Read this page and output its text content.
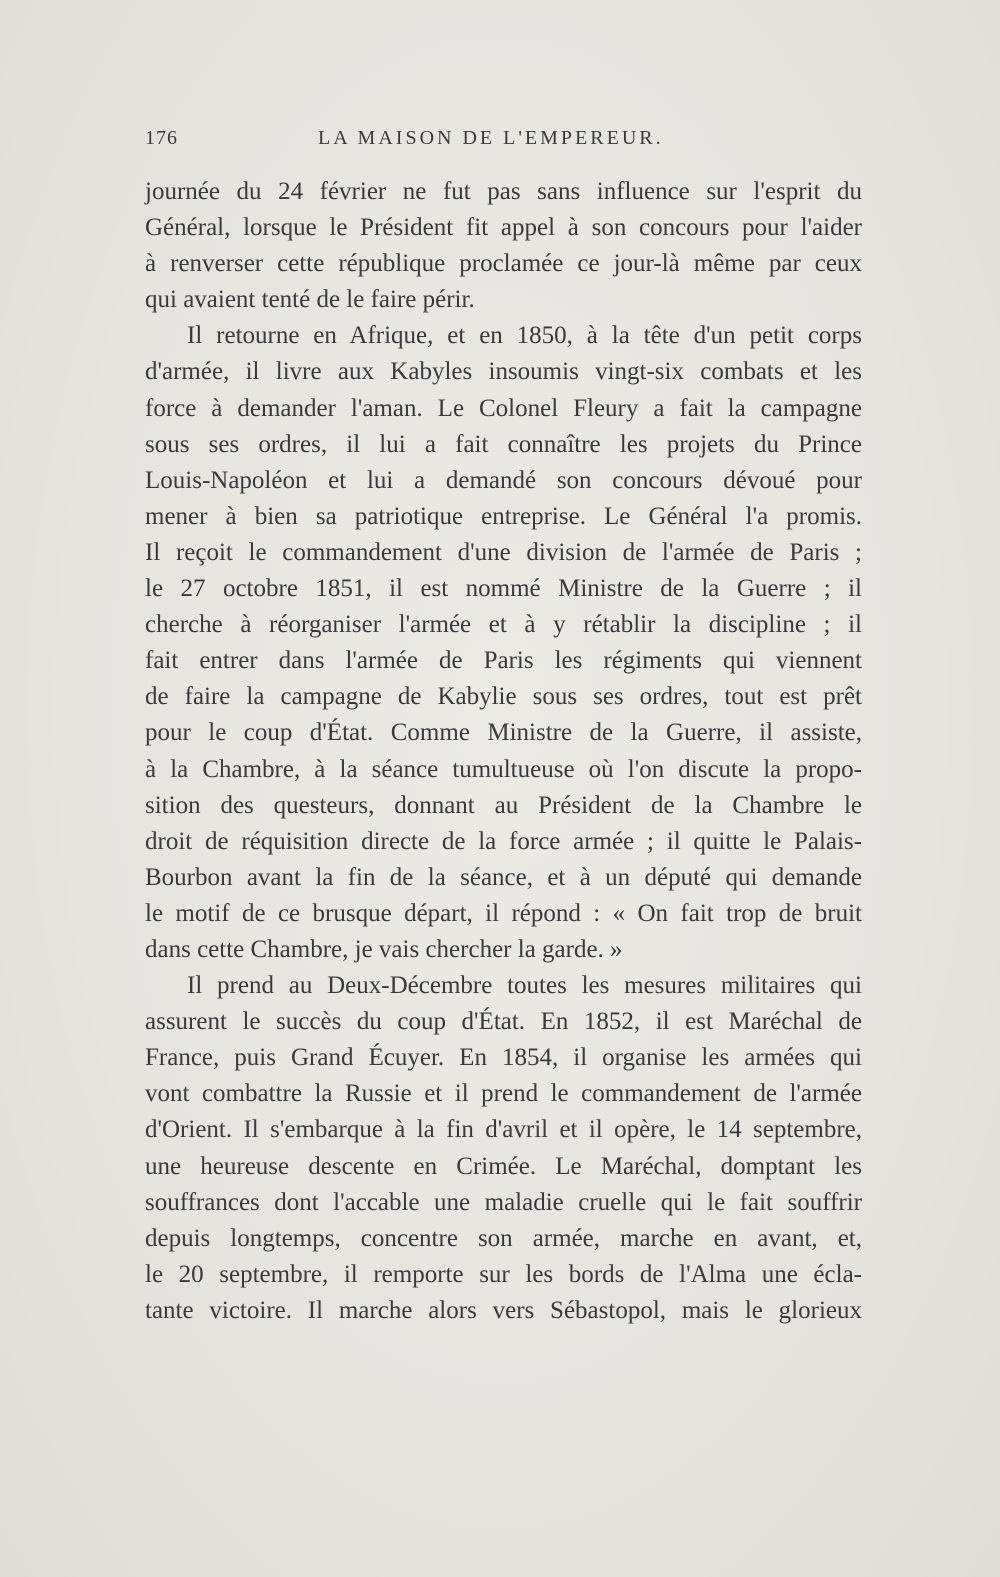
176	LA MAISON DE L'EMPEREUR.
journée du 24 février ne fut pas sans influence sur l'esprit du
Général, lorsque le Président fit appel à son concours pour l'aider
à renverser cette république proclamée ce jour-là même par ceux
qui avaient tenté de le faire périr.
Il retourne en Afrique, et en 1850, à la tête d'un petit corps
d'armée, il livre aux Kabyles insoumis vingt-six combats et les
force à demander l'aman. Le Colonel Fleury a fait la campagne
sous ses ordres, il lui a fait connaître les projets du Prince
Louis-Napoléon et lui a demandé son concours dévoué pour
mener à bien sa patriotique entreprise. Le Général l'a promis.
Il reçoit le commandement d'une division de l'armée de Paris ;
le 27 octobre 1851, il est nommé Ministre de la Guerre ; il
cherche à réorganiser l'armée et à y rétablir la discipline ; il
fait entrer dans l'armée de Paris les régiments qui viennent
de faire la campagne de Kabylie sous ses ordres, tout est prêt
pour le coup d'État. Comme Ministre de la Guerre, il assiste,
à la Chambre, à la séance tumultueuse où l'on discute la propo-
sition des questeurs, donnant au Président de la Chambre le
droit de réquisition directe de la force armée ; il quitte le Palais-
Bourbon avant la fin de la séance, et à un député qui demande
le motif de ce brusque départ, il répond : « On fait trop de bruit
dans cette Chambre, je vais chercher la garde. »
Il prend au Deux-Décembre toutes les mesures militaires qui
assurent le succès du coup d'État. En 1852, il est Maréchal de
France, puis Grand Écuyer. En 1854, il organise les armées qui
vont combattre la Russie et il prend le commandement de l'armée
d'Orient. Il s'embarque à la fin d'avril et il opère, le 14 septembre,
une heureuse descente en Crimée. Le Maréchal, domptant les
souffrances dont l'accable une maladie cruelle qui le fait souffrir
depuis longtemps, concentre son armée, marche en avant, et,
le 20 septembre, il remporte sur les bords de l'Alma une écla-
tante victoire. Il marche alors vers Sébastopol, mais le glorieux
